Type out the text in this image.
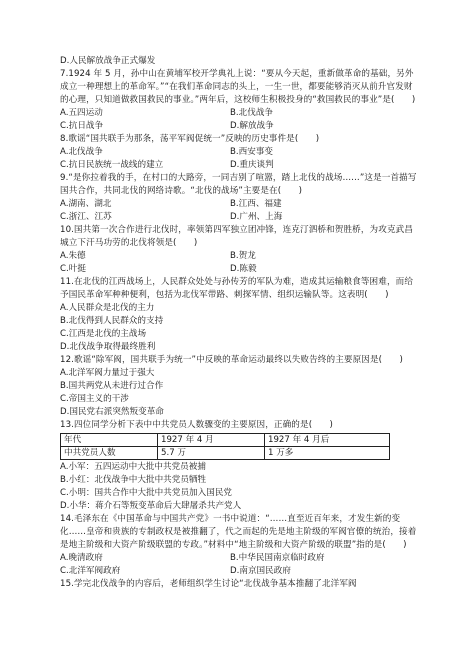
D.人民解放战争正式爆发
7.1924 年 5 月，孙中山在黄埔军校开学典礼上说：“要从今天起，重新做革命的基础，另外成立一种理想上的革命军。”“在我们革命同志的头上，一生一世，都要能够消灭从前升官发财的心理，只知道做救国救民的事业。”两年后，这校师生积极投身的“救国救民的事业”是(　　)
A.五四运动	B.北伐战争
C.抗日战争	D.解放战争
8.歌谣“国共联手为那条，荡平军阀促统一”反映的历史事件是(　　)
A.北伐战争	B.西安事变
C.抗日民族统一战线的建立	D.重庆谈判
9.“是你拉着我的手，在村口的大路旁，一同吉别了喧嚣，踏上北伐的战场……”这是一首描写国共合作，共同北伐的网络诗歌。“北伐的战场”主要是在(　　)
A.湖南、湖北	B.江西、福建
C.浙江、江苏	D.广州、上海
10.国共第一次合作进行北伐时，率领第四军独立团冲锋，连克汀泗桥和贺胜桥，为攻克武昌城立下汗马功劳的北伐将领是(　　)
A.朱德	B.贺龙
C.叶挺	D.陈毅
11.在北伐的江西战场上，人民群众处处与孙传芳的军队为难，造成其运输粮食等困难，而给予国民革命军种种便利，包括为北伐军带路、刺探军情、组织运输队等。这表明(　　)
A.人民群众是北伐的主力
B.北伐得到人民群众的支持
C.江西是北伐的主战场
D.北伐战争取得最终胜利
12.歌谣“除军阀，国共联手为统一”中反映的革命运动最终以失败告终的主要原因是(　　)
A.北洋军阀力量过于强大
B.国共两党从未进行过合作
C.帝国主义的干涉
D.国民党右派突然叛变革命
13.四位同学分析下表中中共党员人数骤变的主要原因，正确的是(　　)
年代	1927 年 4 月	1927 年 4 月后
中共党员人数	5.7 万	1 万多
A.小军：五四运动中大批中共党员被捕
B.小红：北伐战争中大批中共党员牺牲
C.小明：国共合作中大批中共党员加入国民党
D.小华：蒋介石等叛变革命后大肆屠杀共产党人
14.毛泽东在《中国革命与中国共产党》一书中说道：“……直至近百年来，才发生新的变化……皇帝和贵族的专制政权是被推翻了，代之而起的先是地主阶级的军阀官僚的统治，接着是地主阶级和大资产阶级联盟的专政。”材料中“地主阶级和大资产阶级的联盟”指的是(　　)
A.晚清政府	B.中华民国南京临时政府
C.北洋军阀政府	D.南京国民政府
15.学完北伐战争的内容后，老师组织学生讨论“北伐战争基本推翻了北洋军阀
